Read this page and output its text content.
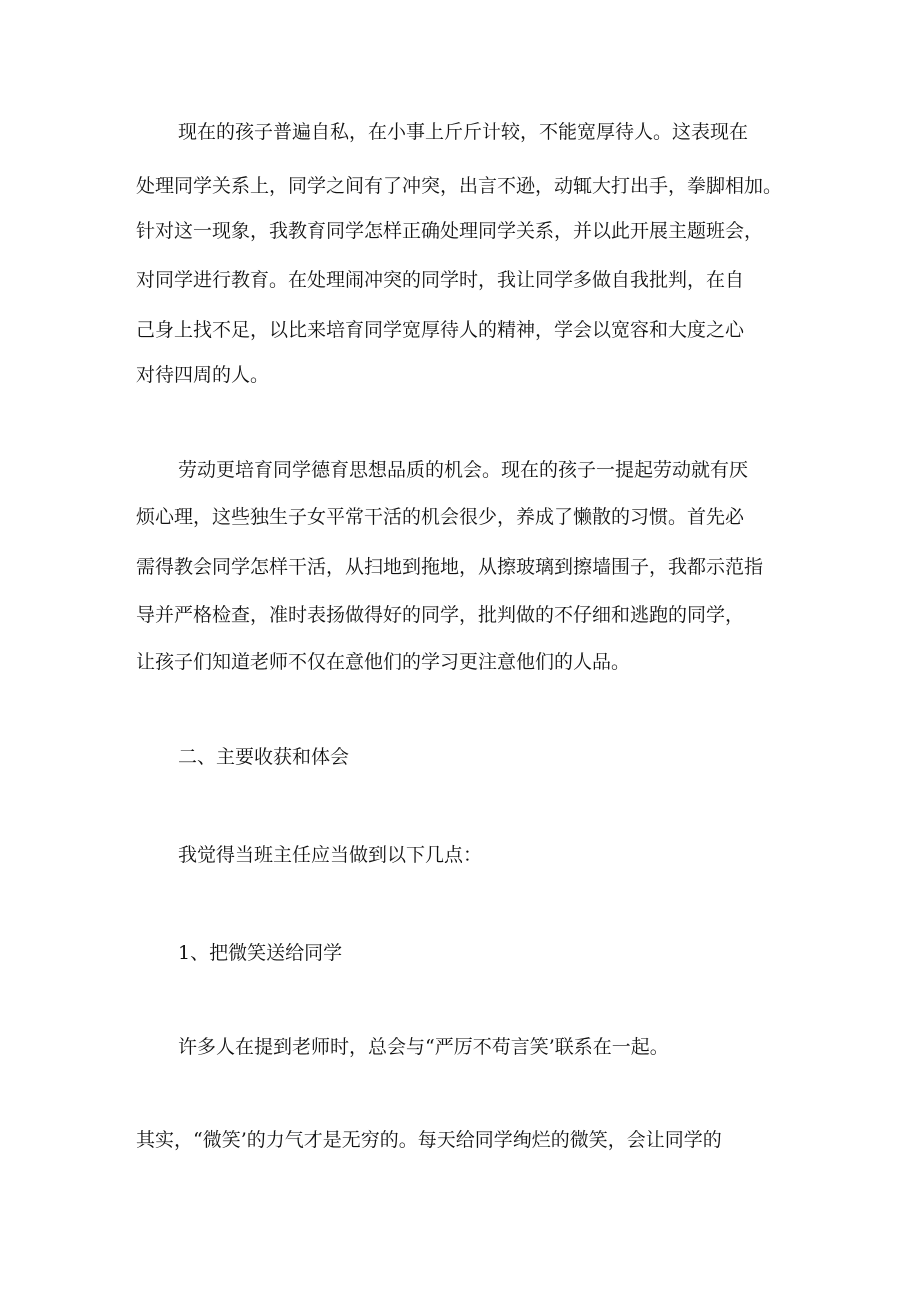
现在的孩子普遍自私，在小事上斤斤计较，不能宽厚待人。这表现在
处理同学关系上，同学之间有了冲突，出言不逊，动辄大打出手，拳脚相加。
针对这一现象，我教育同学怎样正确处理同学关系，并以此开展主题班会，
对同学进行教育。在处理闹冲突的同学时，我让同学多做自我批判，在自
己身上找不足，以比来培育同学宽厚待人的精神，学会以宽容和大度之心
对待四周的人。
劳动更培育同学德育思想品质的机会。现在的孩子一提起劳动就有厌
烦心理，这些独生子女平常干活的机会很少，养成了懒散的习惯。首先必
需得教会同学怎样干活，从扫地到拖地，从擦玻璃到擦墙围子，我都示范指
导并严格检查，准时表扬做得好的同学，批判做的不仔细和逃跑的同学，
让孩子们知道老师不仅在意他们的学习更注意他们的人品。
二、主要收获和体会
我觉得当班主任应当做到以下几点：
1、把微笑送给同学
许多人在提到老师时，总会与“严厉不苟言笑’联系在一起。
其实，“微笑’的力气才是无穷的。每天给同学绚烂的微笑，会让同学的
